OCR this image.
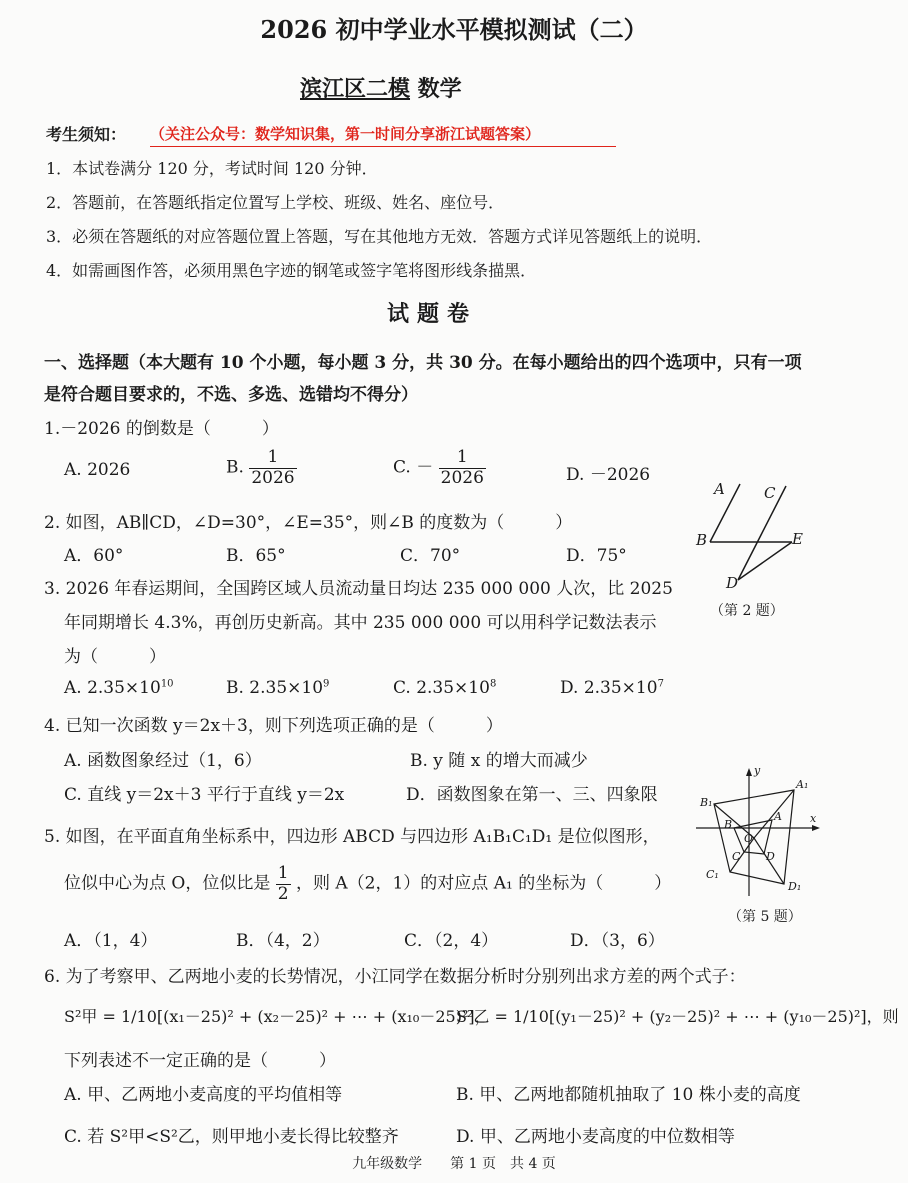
2026 初中学业水平模拟测试（二）
滨江区二模 数学
考生须知： （关注公众号：数学知识集，第一时间分享浙江试题答案）
1．本试卷满分 120 分，考试时间 120 分钟．
2．答题前，在答题纸指定位置写上学校、班级、姓名、座位号．
3．必须在答题纸的对应答题位置上答题，写在其他地方无效．答题方式详见答题纸上的说明．
4．如需画图作答，必须用黑色字迹的钢笔或签字笔将图形线条描黑．
试题卷
一、选择题（本大题有 10 个小题，每小题 3 分，共 30 分。在每小题给出的四个选项中，只有一项
是符合题目要求的，不选、多选、选错均不得分）
1.－2026 的倒数是（　　　）
A. 2026	B. $\frac{1}{2026}$	C. － $\frac{1}{2026}$	D. －2026
2. 如图，AB∥CD，∠D=30°，∠E=35°，则∠B 的度数为（　　　）
A．60°	B．65°	C．70°	D．75°
A	C
B	E
D
（第 2 题）
3. 2026 年春运期间，全国跨区域人员流动量日均达 235 000 000 人次，比 2025
年同期增长 4.3%，再创历史新高。其中 235 000 000 可以用科学记数法表示
为（　　　）
A. $2.35\times 10^{10}$	B. $2.35\times 10^9$	C. $2.35\times 10^8$	D. $2.35\times 10^7$
4. 已知一次函数 y＝2x＋3，则下列选项正确的是（　　　）
A. 函数图象经过（1，6）	B. y 随 x 的增大而减少
C. 直线 y＝2x＋3 平行于直线 y＝2x	D．函数图象在第一、三、四象限
5. 如图，在平面直角坐标系中，四边形 ABCD 与四边形 A₁B₁C₁D₁ 是位似图形，
位似中心为点 O，位似比是 $\frac{1}{2}$ ，则 A（2，1）的对应点 A₁ 的坐标为（　　　）
A．（1，4）	B．（4，2）	C．（2，4）	D．（3，6）
y
x
A₁
B₁
C₁
D₁
A
B
C D
O
（第 5 题）
6. 为了考察甲、乙两地小麦的长势情况，小江同学在数据分析时分别列出求方差的两个式子：
S²甲 = 1/10[(x₁－25)² + (x₂－25)² + ⋯ + (x₁₀－25)²]，
S²乙 = 1/10[(y₁－25)² + (y₂－25)² + ⋯ + (y₁₀－25)²]，则
下列表述不一定正确的是（　　　）
A. 甲、乙两地小麦高度的平均值相等	B. 甲、乙两地都随机抽取了 10 株小麦的高度
C. 若 S²甲<S²乙，则甲地小麦长得比较整齐	D. 甲、乙两地小麦高度的中位数相等
九年级数学　　第 1 页　共 4 页
